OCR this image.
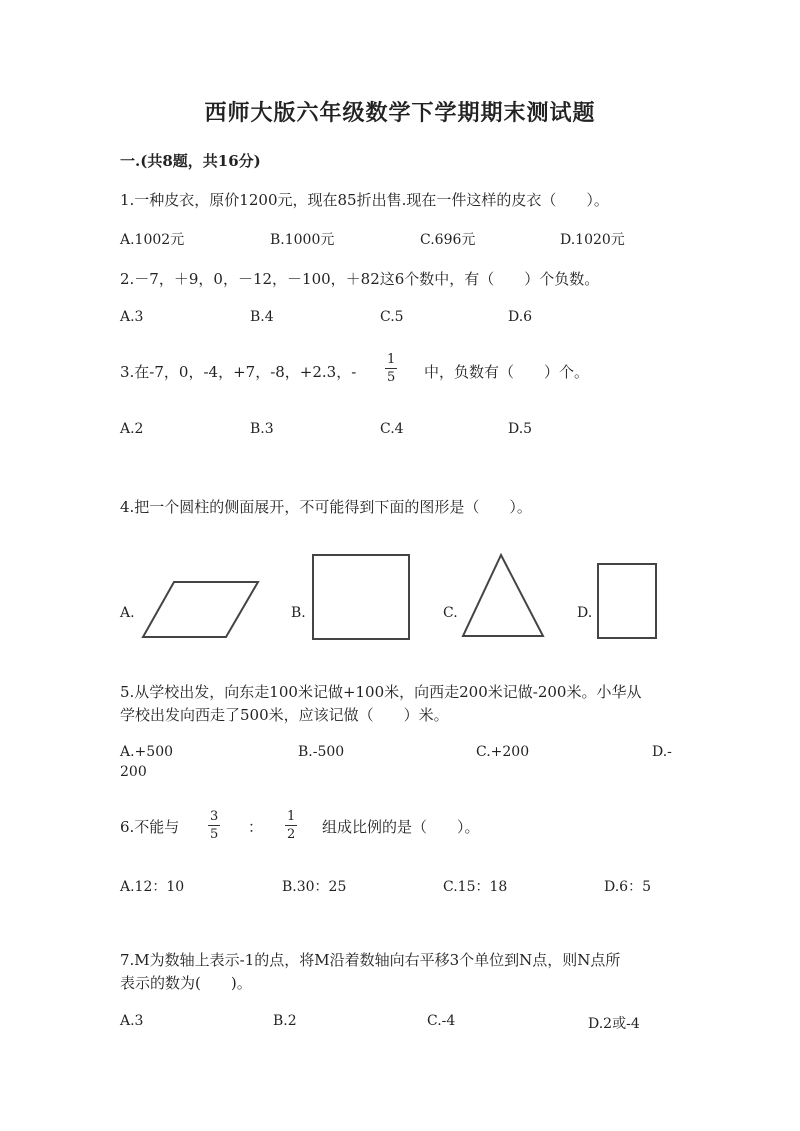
西师大版六年级数学下学期期末测试题
一.(共8题，共16分)
1.一种皮衣，原价1200元，现在85折出售.现在一件这样的皮衣（　　）。
A.1002元	B.1000元	C.696元	D.1020元
2.－7，＋9，0，－12，－100，＋82这6个数中，有（　　）个负数。
A.3	B.4	C.5	D.6
3.在-7，0，-4，+7，-8，+2.3，- $\frac{1}{5}$ 中，负数有（　　）个。
A.2	B.3	C.4	D.5
4.把一个圆柱的侧面展开，不可能得到下面的图形是（　　）。
A.	B.	C.	D.
5.从学校出发，向东走100米记做+100米，向西走200米记做-200米。小华从
学校出发向西走了500米，应该记做（　　）米。
A.+500	B.-500	C.+200	D.-
200
6.不能与 $\frac{3}{5}$ ： $\frac{1}{2}$ 组成比例的是（　　）。
A.12：10	B.30：25	C.15：18	D.6：5
7.M为数轴上表示-1的点，将M沿着数轴向右平移3个单位到N点，则N点所
表示的数为(　　)。
A.3	B.2	C.-4	D.2或-4
